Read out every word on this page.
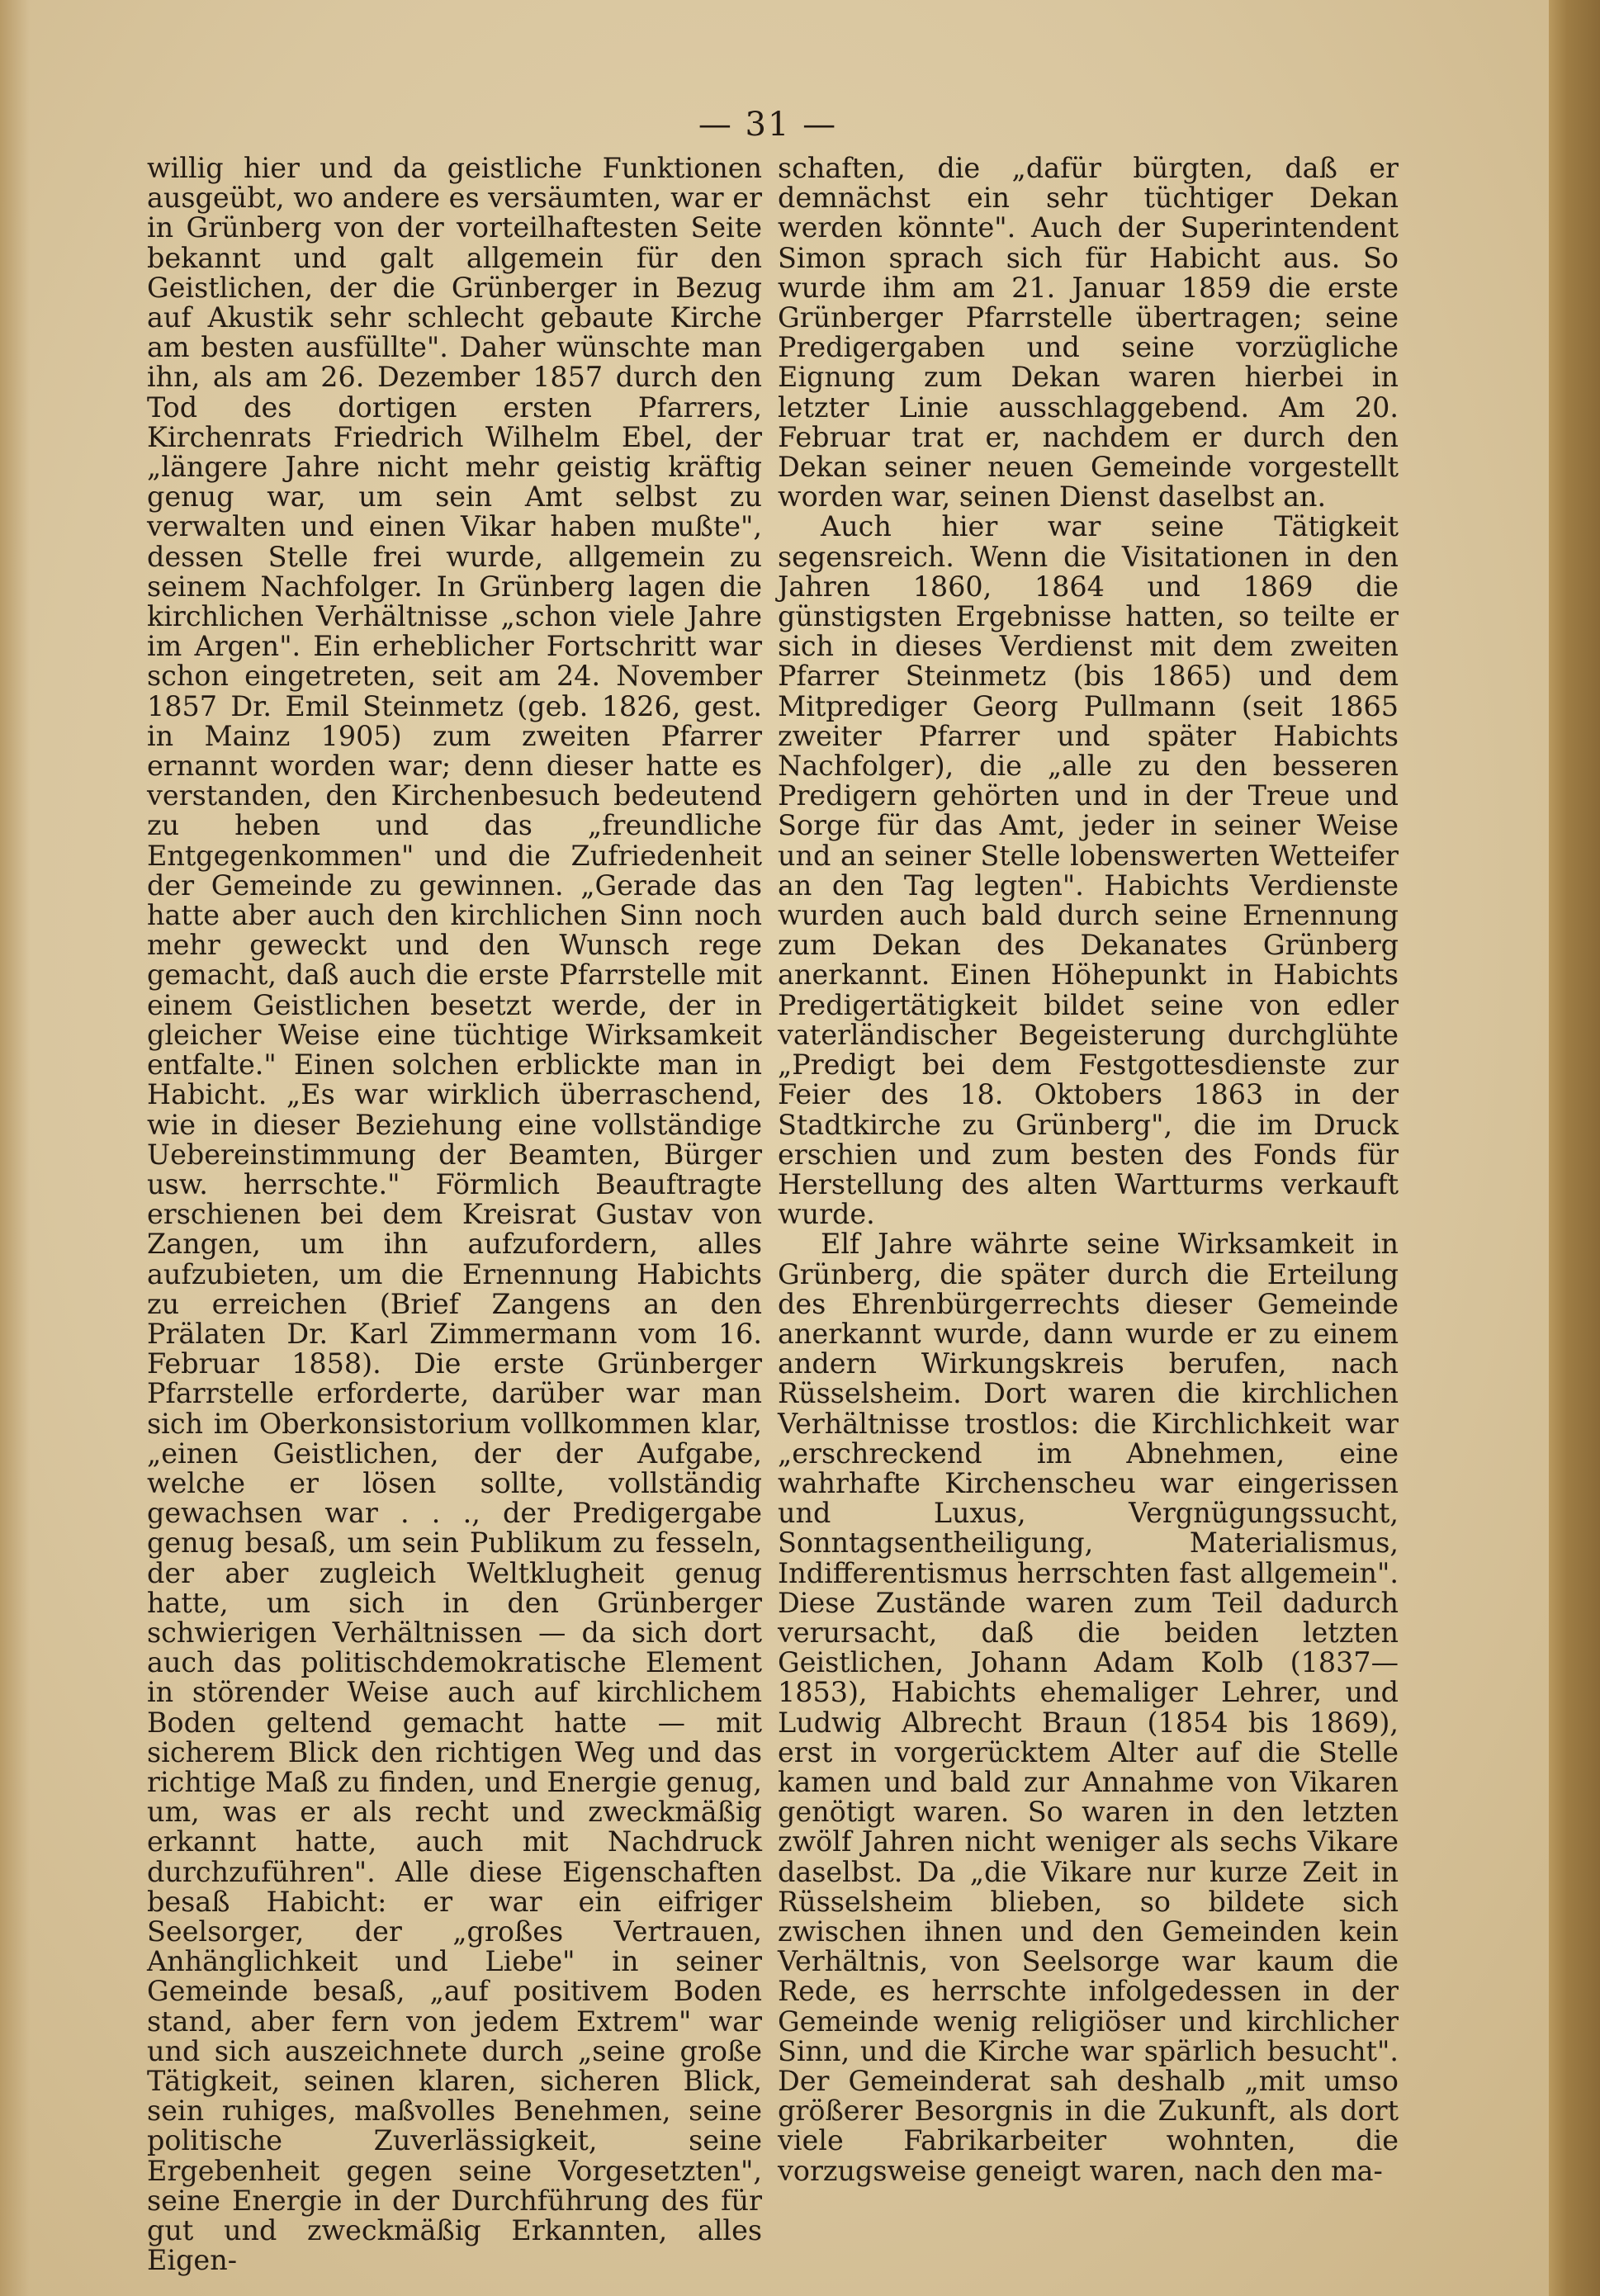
— 31 —

willig hier und da geistliche Funktionen ausgeübt, wo andere es versäumten, war er in Grünberg von der vorteilhaftesten Seite bekannt und galt allgemein für den Geistlichen, der die Grünberger in Bezug auf Akustik sehr schlecht gebaute Kirche am besten ausfüllte". Daher wünschte man ihn, als am 26. Dezember 1857 durch den Tod des dortigen ersten Pfarrers, Kirchenrats Friedrich Wilhelm Ebel, der „längere Jahre nicht mehr geistig kräftig genug war, um sein Amt selbst zu verwalten und einen Vikar haben mußte", dessen Stelle frei wurde, allgemein zu seinem Nachfolger. In Grünberg lagen die kirchlichen Verhältnisse „schon viele Jahre im Argen". Ein erheblicher Fortschritt war schon eingetreten, seit am 24. November 1857 Dr. Emil Steinmetz (geb. 1826, gest. in Mainz 1905) zum zweiten Pfarrer ernannt worden war; denn dieser hatte es verstanden, den Kirchenbesuch bedeutend zu heben und das „freundliche Entgegenkommen" und die Zufriedenheit der Gemeinde zu gewinnen. „Gerade das hatte aber auch den kirchlichen Sinn noch mehr geweckt und den Wunsch rege gemacht, daß auch die erste Pfarrstelle mit einem Geistlichen besetzt werde, der in gleicher Weise eine tüchtige Wirksamkeit entfalte." Einen solchen erblickte man in Habicht. „Es war wirklich überraschend, wie in dieser Beziehung eine vollständige Uebereinstimmung der Beamten, Bürger usw. herrschte." Förmlich Beauftragte erschienen bei dem Kreisrat Gustav von Zangen, um ihn aufzufordern, alles aufzubieten, um die Ernennung Habichts zu erreichen (Brief Zangens an den Prälaten Dr. Karl Zimmermann vom 16. Februar 1858). Die erste Grünberger Pfarrstelle erforderte, darüber war man sich im Oberkonsistorium vollkommen klar, „einen Geistlichen, der der Aufgabe, welche er lösen sollte, vollständig gewachsen war . . ., der Predigergabe genug besaß, um sein Publikum zu fesseln, der aber zugleich Weltklugheit genug hatte, um sich in den Grünberger schwierigen Verhältnissen — da sich dort auch das politischdemokratische Element in störender Weise auch auf kirchlichem Boden geltend gemacht hatte — mit sicherem Blick den richtigen Weg und das richtige Maß zu finden, und Energie genug, um, was er als recht und zweckmäßig erkannt hatte, auch mit Nachdruck durchzuführen". Alle diese Eigenschaften besaß Habicht: er war ein eifriger Seelsorger, der „großes Vertrauen, Anhänglichkeit und Liebe" in seiner Gemeinde besaß, „auf positivem Boden stand, aber fern von jedem Extrem" war und sich auszeichnete durch „seine große Tätigkeit, seinen klaren, sicheren Blick, sein ruhiges, maßvolles Benehmen, seine politische Zuverlässigkeit, seine Ergebenheit gegen seine Vorgesetzten", seine Energie in der Durchführung des für gut und zweckmäßig Erkannten, alles Eigen-

schaften, die „dafür bürgten, daß er demnächst ein sehr tüchtiger Dekan werden könnte". Auch der Superintendent Simon sprach sich für Habicht aus. So wurde ihm am 21. Januar 1859 die erste Grünberger Pfarrstelle übertragen; seine Predigergaben und seine vorzügliche Eignung zum Dekan waren hierbei in letzter Linie ausschlaggebend. Am 20. Februar trat er, nachdem er durch den Dekan seiner neuen Gemeinde vorgestellt worden war, seinen Dienst daselbst an.

Auch hier war seine Tätigkeit segensreich. Wenn die Visitationen in den Jahren 1860, 1864 und 1869 die günstigsten Ergebnisse hatten, so teilte er sich in dieses Verdienst mit dem zweiten Pfarrer Steinmetz (bis 1865) und dem Mitprediger Georg Pullmann (seit 1865 zweiter Pfarrer und später Habichts Nachfolger), die „alle zu den besseren Predigern gehörten und in der Treue und Sorge für das Amt, jeder in seiner Weise und an seiner Stelle lobenswerten Wetteifer an den Tag legten". Habichts Verdienste wurden auch bald durch seine Ernennung zum Dekan des Dekanates Grünberg anerkannt. Einen Höhepunkt in Habichts Predigertätigkeit bildet seine von edler vaterländischer Begeisterung durchglühte „Predigt bei dem Festgottesdienste zur Feier des 18. Oktobers 1863 in der Stadtkirche zu Grünberg", die im Druck erschien und zum besten des Fonds für Herstellung des alten Wartturms verkauft wurde.

Elf Jahre währte seine Wirksamkeit in Grünberg, die später durch die Erteilung des Ehrenbürgerrechts dieser Gemeinde anerkannt wurde, dann wurde er zu einem andern Wirkungskreis berufen, nach Rüsselsheim. Dort waren die kirchlichen Verhältnisse trostlos: die Kirchlichkeit war „erschreckend im Abnehmen, eine wahrhafte Kirchenscheu war eingerissen und Luxus, Vergnügungssucht, Sonntagsentheiligung, Materialismus, Indifferentismus herrschten fast allgemein". Diese Zustände waren zum Teil dadurch verursacht, daß die beiden letzten Geistlichen, Johann Adam Kolb (1837—1853), Habichts ehemaliger Lehrer, und Ludwig Albrecht Braun (1854 bis 1869), erst in vorgerücktem Alter auf die Stelle kamen und bald zur Annahme von Vikaren genötigt waren. So waren in den letzten zwölf Jahren nicht weniger als sechs Vikare daselbst. Da „die Vikare nur kurze Zeit in Rüsselsheim blieben, so bildete sich zwischen ihnen und den Gemeinden kein Verhältnis, von Seelsorge war kaum die Rede, es herrschte infolgedessen in der Gemeinde wenig religiöser und kirchlicher Sinn, und die Kirche war spärlich besucht". Der Gemeinderat sah deshalb „mit umso größerer Besorgnis in die Zukunft, als dort viele Fabrikarbeiter wohnten, die vorzugsweise geneigt waren, nach den ma-
